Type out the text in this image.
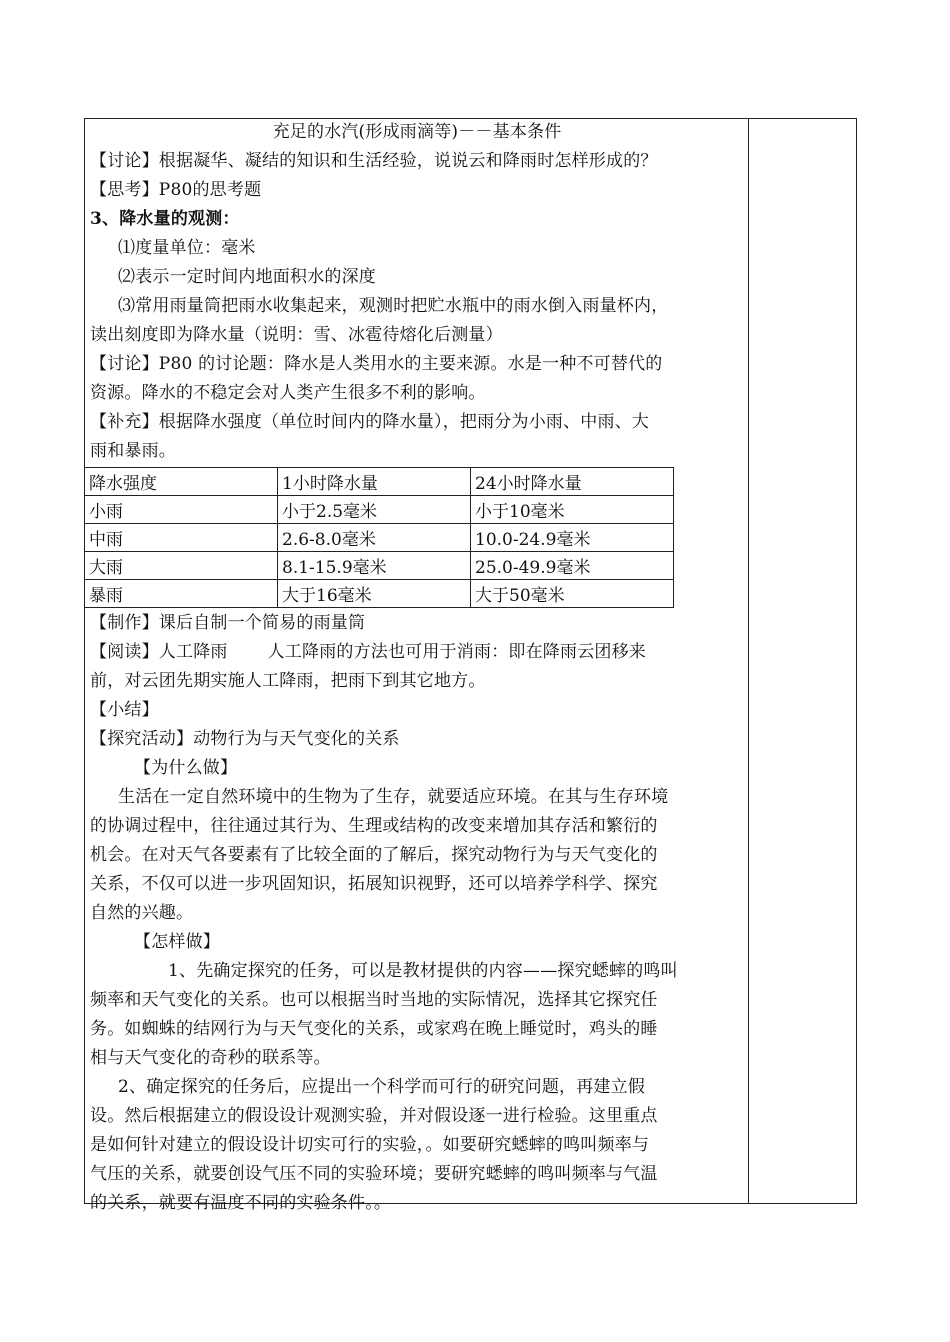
充足的水汽(形成雨滴等)－－基本条件
【讨论】根据凝华、凝结的知识和生活经验，说说云和降雨时怎样形成的？
【思考】P80的思考题
3、降水量的观测：
⑴度量单位：毫米
⑵表示一定时间内地面积水的深度
⑶常用雨量筒把雨水收集起来，观测时把贮水瓶中的雨水倒入雨量杯内，
读出刻度即为降水量（说明：雪、冰雹待熔化后测量）
【讨论】P80 的讨论题：降水是人类用水的主要来源。水是一种不可替代的
资源。降水的不稳定会对人类产生很多不利的影响。
【补充】根据降水强度（单位时间内的降水量），把雨分为小雨、中雨、大
雨和暴雨。
降水强度	1小时降水量	24小时降水量
小雨	小于2.5毫米	小于10毫米
中雨	2.6-8.0毫米	10.0-24.9毫米
大雨	8.1-15.9毫米	25.0-49.9毫米
暴雨	大于16毫米	大于50毫米
【制作】课后自制一个简易的雨量筒
【阅读】人工降雨 人工降雨的方法也可用于消雨：即在降雨云团移来
前，对云团先期实施人工降雨，把雨下到其它地方。
【小结】
【探究活动】动物行为与天气变化的关系
【为什么做】
生活在一定自然环境中的生物为了生存，就要适应环境。在其与生存环境
的协调过程中，往往通过其行为、生理或结构的改变来增加其存活和繁衍的
机会。在对天气各要素有了比较全面的了解后，探究动物行为与天气变化的
关系，不仅可以进一步巩固知识，拓展知识视野，还可以培养学科学、探究
自然的兴趣。
【怎样做】
1、先确定探究的任务，可以是教材提供的内容——探究蟋蟀的鸣叫
频率和天气变化的关系。也可以根据当时当地的实际情况，选择其它探究任
务。如蜘蛛的结网行为与天气变化的关系，或家鸡在晚上睡觉时，鸡头的睡
相与天气变化的奇秒的联系等。
2、确定探究的任务后，应提出一个科学而可行的研究问题，再建立假
设。然后根据建立的假设设计观测实验，并对假设逐一进行检验。这里重点
是如何针对建立的假设设计切实可行的实验，。如要研究蟋蟀的鸣叫频率与
气压的关系，就要创设气压不同的实验环境；要研究蟋蟀的鸣叫频率与气温
的关系，就要有温度不同的实验条件。。
